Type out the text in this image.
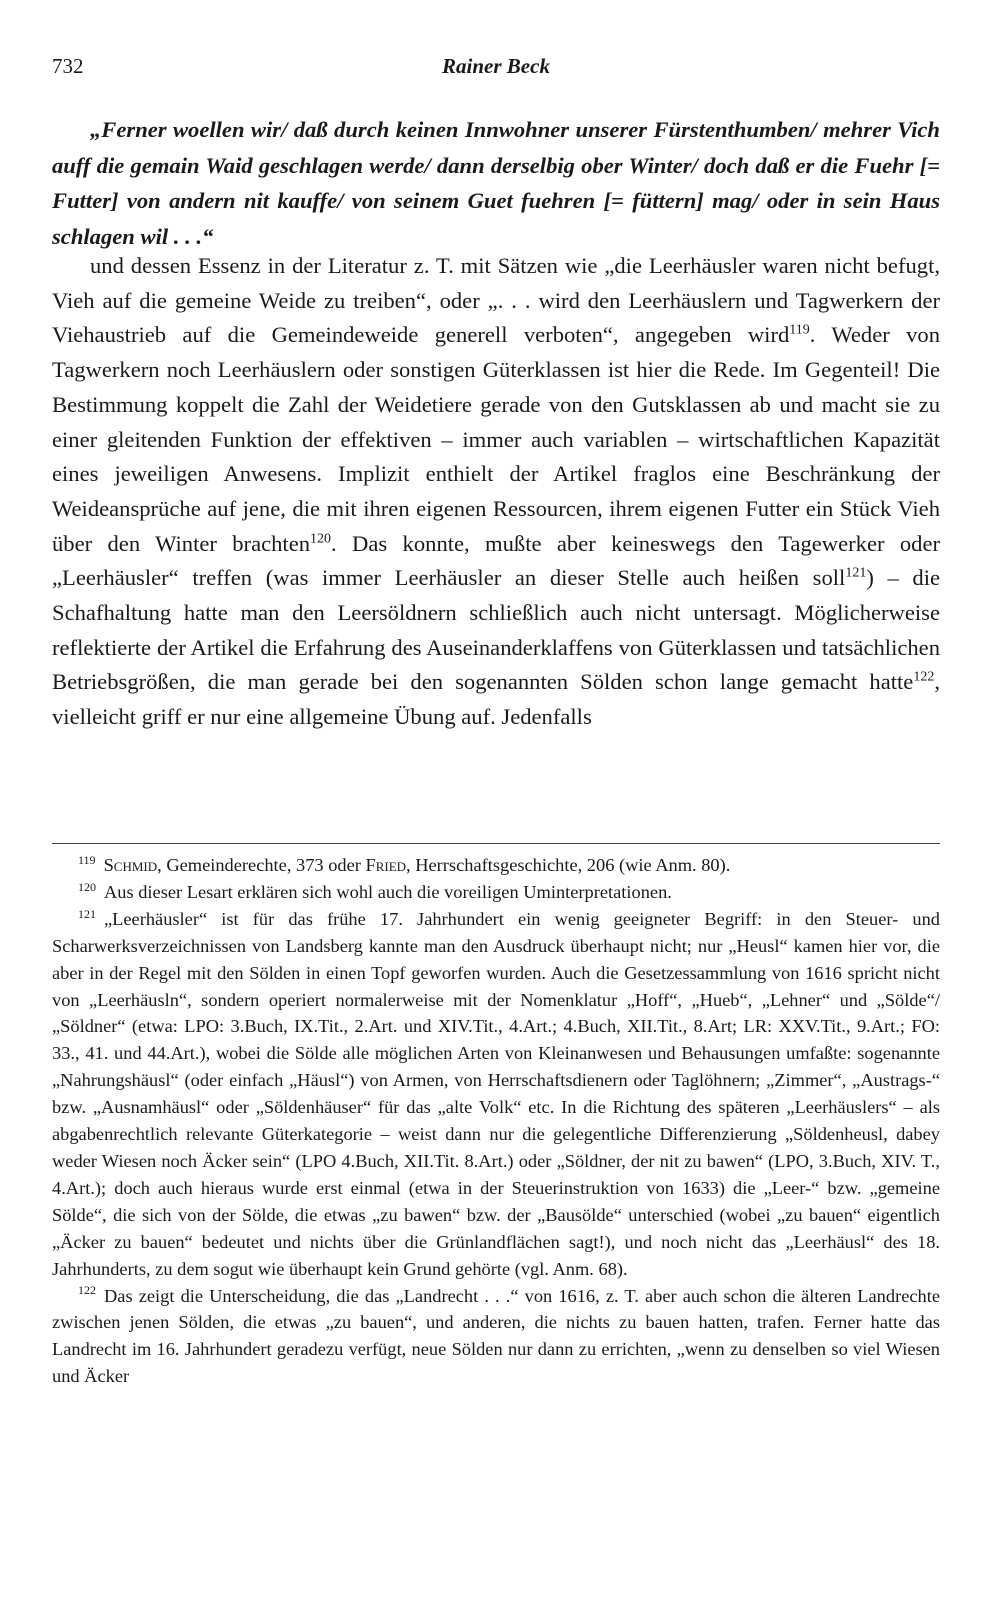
732	Rainer Beck

„Ferner woellen wir/ daß durch keinen Innwohner unserer Fürstenthumben/ mehrer Vich auff die gemain Waid geschlagen werde/ dann derselbig ober Winter/ doch daß er die Fuehr [= Futter] von andern nit kauffe/ von seinem Guet fuehren [= füttern] mag/ oder in sein Haus schlagen wil . . .“

und dessen Essenz in der Literatur z. T. mit Sätzen wie „die Leerhäusler waren nicht befugt, Vieh auf die gemeine Weide zu treiben“, oder „. . . wird den Leerhäuslern und Tagwerkern der Viehaustrieb auf die Gemeindeweide generell verboten“, angegeben wird$^{119}$. Weder von Tagwerkern noch Leerhäuslern oder sonstigen Güterklassen ist hier die Rede. Im Gegenteil! Die Bestimmung koppelt die Zahl der Weidetiere gerade von den Gutsklassen ab und macht sie zu einer gleitenden Funktion der effektiven – immer auch variablen – wirtschaftlichen Kapazität eines jeweiligen Anwesens. Implizit enthielt der Artikel fraglos eine Beschränkung der Weideansprüche auf jene, die mit ihren eigenen Ressourcen, ihrem eigenen Futter ein Stück Vieh über den Winter brachten$^{120}$. Das konnte, mußte aber keineswegs den Tagewerker oder „Leerhäusler“ treffen (was immer Leerhäusler an dieser Stelle auch heißen soll$^{121}$) – die Schafhaltung hatte man den Leersöldnern schließlich auch nicht untersagt. Möglicherweise reflektierte der Artikel die Erfahrung des Auseinanderklaffens von Güterklassen und tatsächlichen Betriebsgrößen, die man gerade bei den sogenannten Sölden schon lange gemacht hatte$^{122}$, vielleicht griff er nur eine allgemeine Übung auf. Jedenfalls

$^{119}$ Schmid, Gemeinderechte, 373 oder Fried, Herrschaftsgeschichte, 206 (wie Anm. 80).

$^{120}$ Aus dieser Lesart erklären sich wohl auch die voreiligen Uminterpretationen.

$^{121}$ „Leerhäusler“ ist für das frühe 17. Jahrhundert ein wenig geeigneter Begriff: in den Steuer- und Scharwerksverzeichnissen von Landsberg kannte man den Ausdruck überhaupt nicht; nur „Heusl“ kamen hier vor, die aber in der Regel mit den Sölden in einen Topf geworfen wurden. Auch die Gesetzessammlung von 1616 spricht nicht von „Leerhäusln“, sondern operiert normalerweise mit der Nomenklatur „Hoff“, „Hueb“, „Lehner“ und „Sölde“/„Söldner“ (etwa: LPO: 3.Buch, IX.Tit., 2.Art. und XIV.Tit., 4.Art.; 4.Buch, XII.Tit., 8.Art; LR: XXV.Tit., 9.Art.; FO: 33., 41. und 44.Art.), wobei die Sölde alle möglichen Arten von Kleinanwesen und Behausungen umfaßte: sogenannte „Nahrungshäusl“ (oder einfach „Häusl“) von Armen, von Herrschaftsdienern oder Taglöhnern; „Zimmer“, „Austrags-“ bzw. „Ausnamhäusl“ oder „Söldenhäuser“ für das „alte Volk“ etc. In die Richtung des späteren „Leerhäuslers“ – als abgabenrechtlich relevante Güterkategorie – weist dann nur die gelegentliche Differenzierung „Söldenheusl, dabey weder Wiesen noch Äcker sein“ (LPO 4.Buch, XII.Tit. 8.Art.) oder „Söldner, der nit zu bawen“ (LPO, 3.Buch, XIV. T., 4.Art.); doch auch hieraus wurde erst einmal (etwa in der Steuerinstruktion von 1633) die „Leer-“ bzw. „gemeine Sölde“, die sich von der Sölde, die etwas „zu bawen“ bzw. der „Bausölde“ unterschied (wobei „zu bauen“ eigentlich „Äcker zu bauen“ bedeutet und nichts über die Grünlandflächen sagt!), und noch nicht das „Leerhäusl“ des 18. Jahrhunderts, zu dem sogut wie überhaupt kein Grund gehörte (vgl. Anm. 68).

$^{122}$ Das zeigt die Unterscheidung, die das „Landrecht . . .“ von 1616, z. T. aber auch schon die älteren Landrechte zwischen jenen Sölden, die etwas „zu bauen“, und anderen, die nichts zu bauen hatten, trafen. Ferner hatte das Landrecht im 16. Jahrhundert geradezu verfügt, neue Sölden nur dann zu errichten, „wenn zu denselben so viel Wiesen und Äcker
